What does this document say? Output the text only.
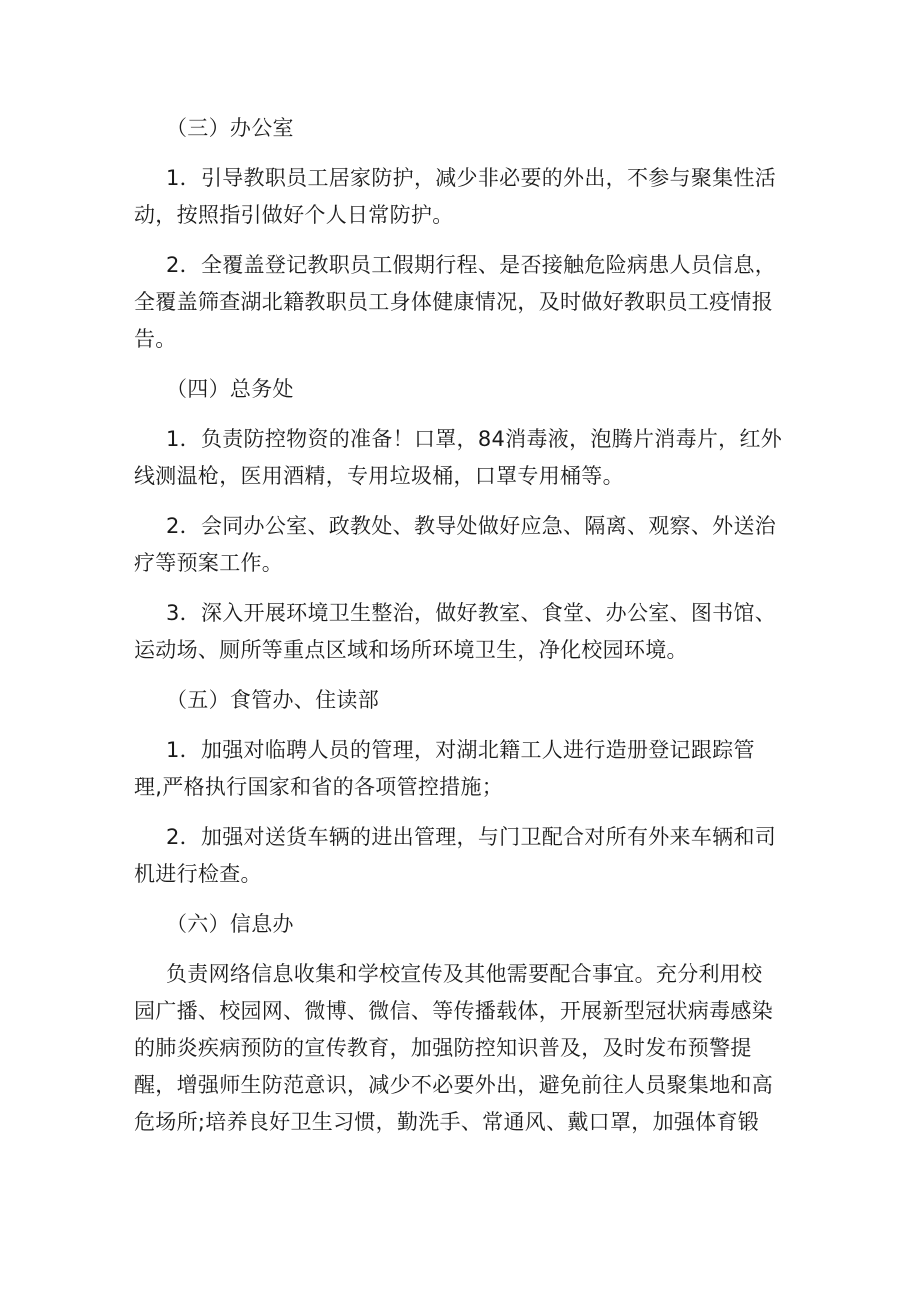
（三）办公室

1．引导教职员工居家防护，减少非必要的外出，不参与聚集性活
动，按照指引做好个人日常防护。

2．全覆盖登记教职员工假期行程、是否接触危险病患人员信息，
全覆盖筛查湖北籍教职员工身体健康情况，及时做好教职员工疫情报
告。

（四）总务处

1．负责防控物资的准备！口罩，84消毒液，泡腾片消毒片，红外
线测温枪，医用酒精，专用垃圾桶，口罩专用桶等。

2．会同办公室、政教处、教导处做好应急、隔离、观察、外送治
疗等预案工作。

3．深入开展环境卫生整治，做好教室、食堂、办公室、图书馆、
运动场、厕所等重点区域和场所环境卫生，净化校园环境。

（五）食管办、住读部

1．加强对临聘人员的管理，对湖北籍工人进行造册登记跟踪管
理,严格执行国家和省的各项管控措施；

2．加强对送货车辆的进出管理，与门卫配合对所有外来车辆和司
机进行检查。

（六）信息办

负责网络信息收集和学校宣传及其他需要配合事宜。充分利用校
园广播、校园网、微博、微信、等传播载体，开展新型冠状病毒感染
的肺炎疾病预防的宣传教育，加强防控知识普及，及时发布预警提
醒，增强师生防范意识，减少不必要外出，避免前往人员聚集地和高
危场所;培养良好卫生习惯，勤洗手、常通风、戴口罩，加强体育锻
